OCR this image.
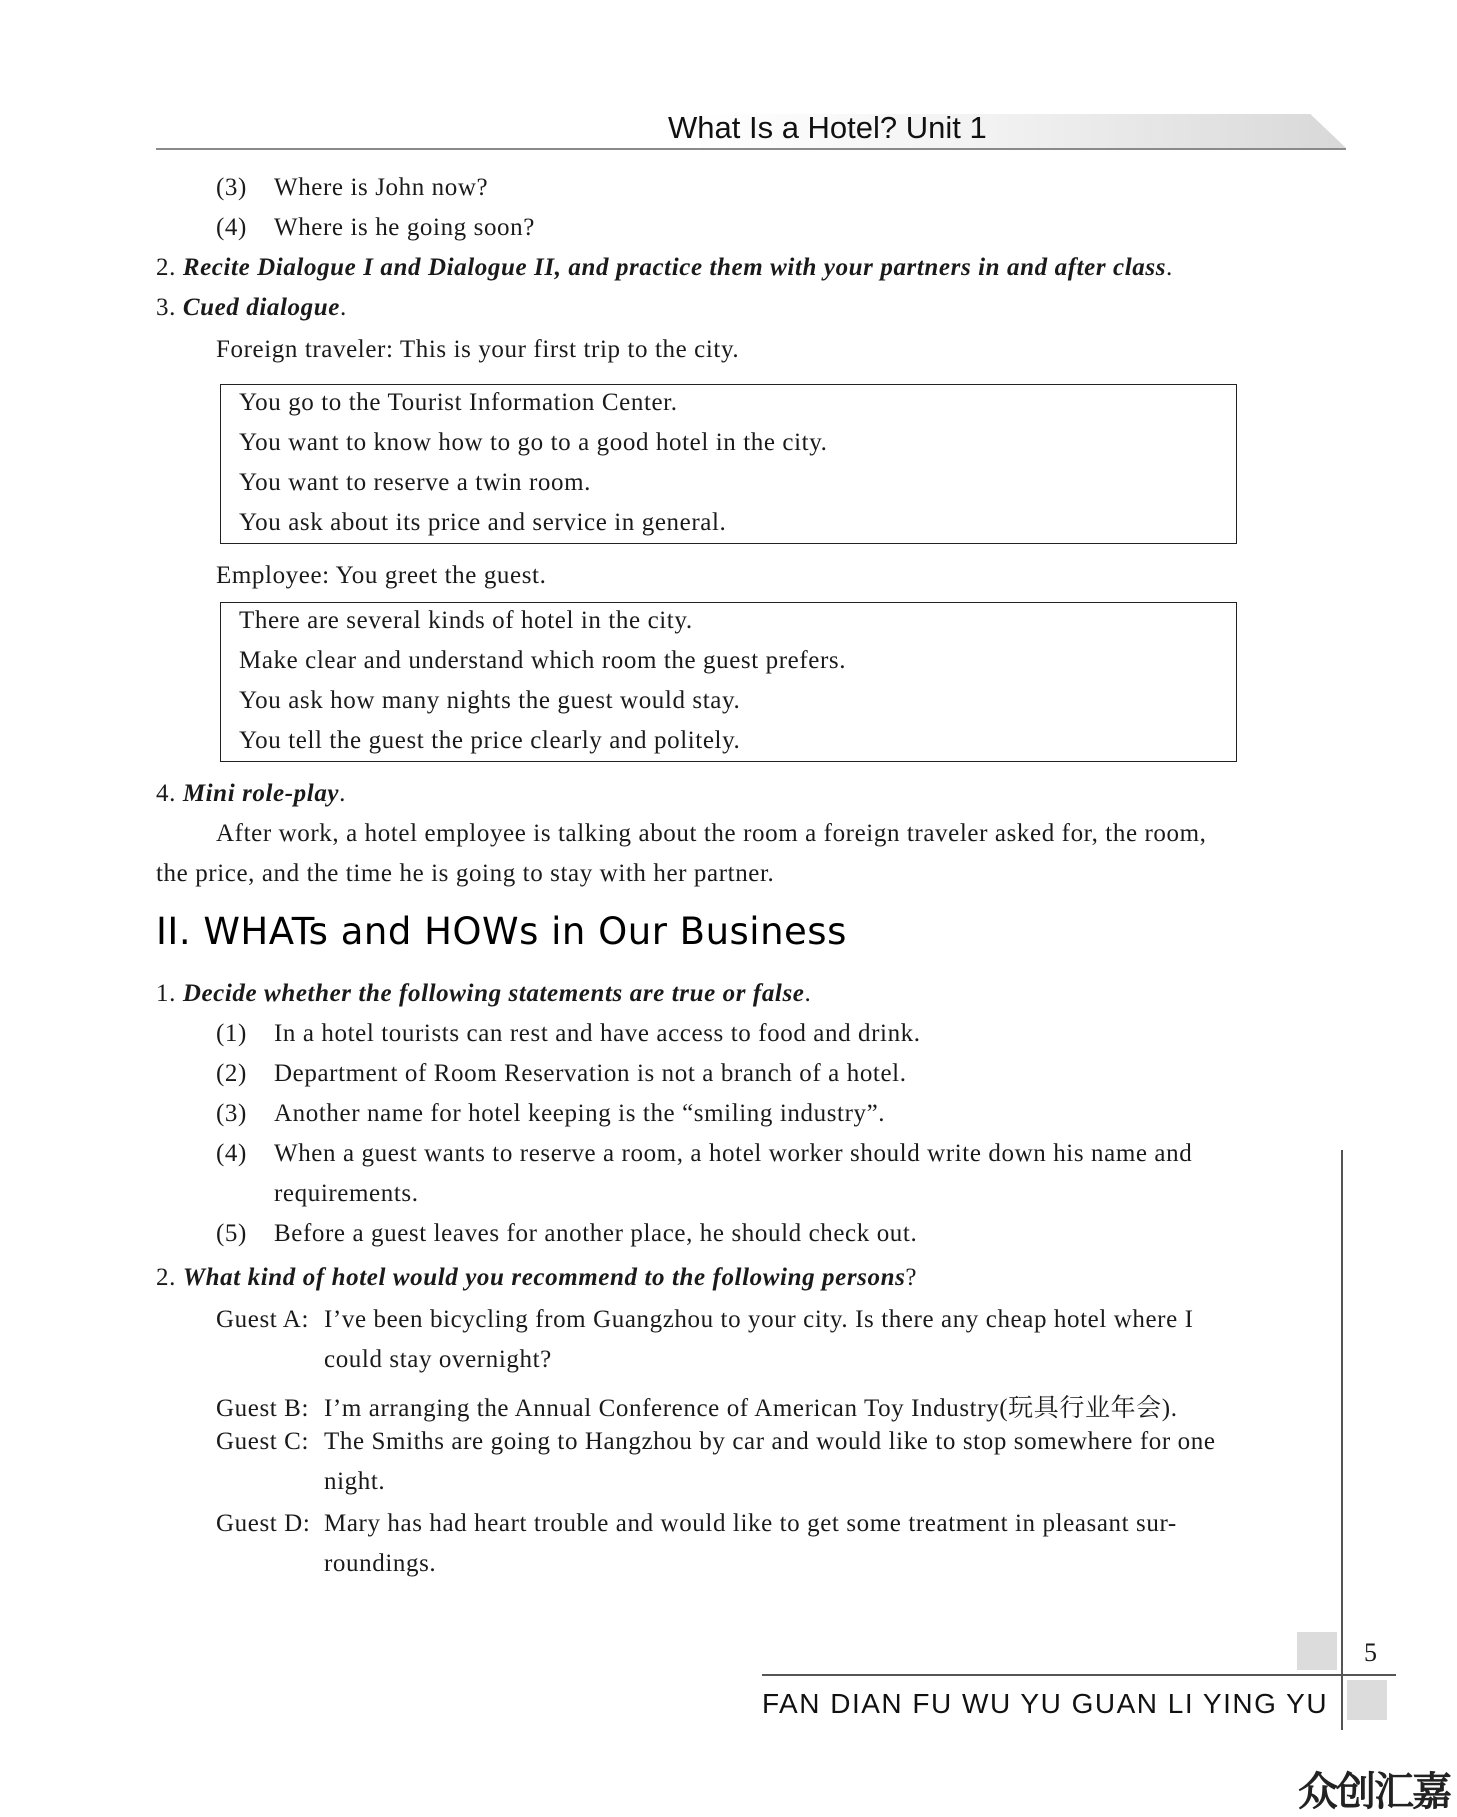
What Is a Hotel? Unit 1
(3) Where is John now?
(4) Where is he going soon?
2. Recite Dialogue I and Dialogue II, and practice them with your partners in and after class.
3. Cued dialogue.
Foreign traveler: This is your first trip to the city.
You go to the Tourist Information Center.
You want to know how to go to a good hotel in the city.
You want to reserve a twin room.
You ask about its price and service in general.
Employee: You greet the guest.
There are several kinds of hotel in the city.
Make clear and understand which room the guest prefers.
You ask how many nights the guest would stay.
You tell the guest the price clearly and politely.
4. Mini role-play.
After work, a hotel employee is talking about the room a foreign traveler asked for, the room,
the price, and the time he is going to stay with her partner.
II. WHATs and HOWs in Our Business
1. Decide whether the following statements are true or false.
(1) In a hotel tourists can rest and have access to food and drink.
(2) Department of Room Reservation is not a branch of a hotel.
(3) Another name for hotel keeping is the “smiling industry”.
(4) When a guest wants to reserve a room, a hotel worker should write down his name and
requirements.
(5) Before a guest leaves for another place, he should check out.
2. What kind of hotel would you recommend to the following persons?
Guest A: I’ve been bicycling from Guangzhou to your city. Is there any cheap hotel where I
could stay overnight?
Guest B: I’m arranging the Annual Conference of American Toy Industry(玩具行业年会).
Guest C: The Smiths are going to Hangzhou by car and would like to stop somewhere for one
night.
Guest D: Mary has had heart trouble and would like to get some treatment in pleasant sur-
roundings.
5
FAN DIAN FU WU YU GUAN LI YING YU
众创汇嘉
